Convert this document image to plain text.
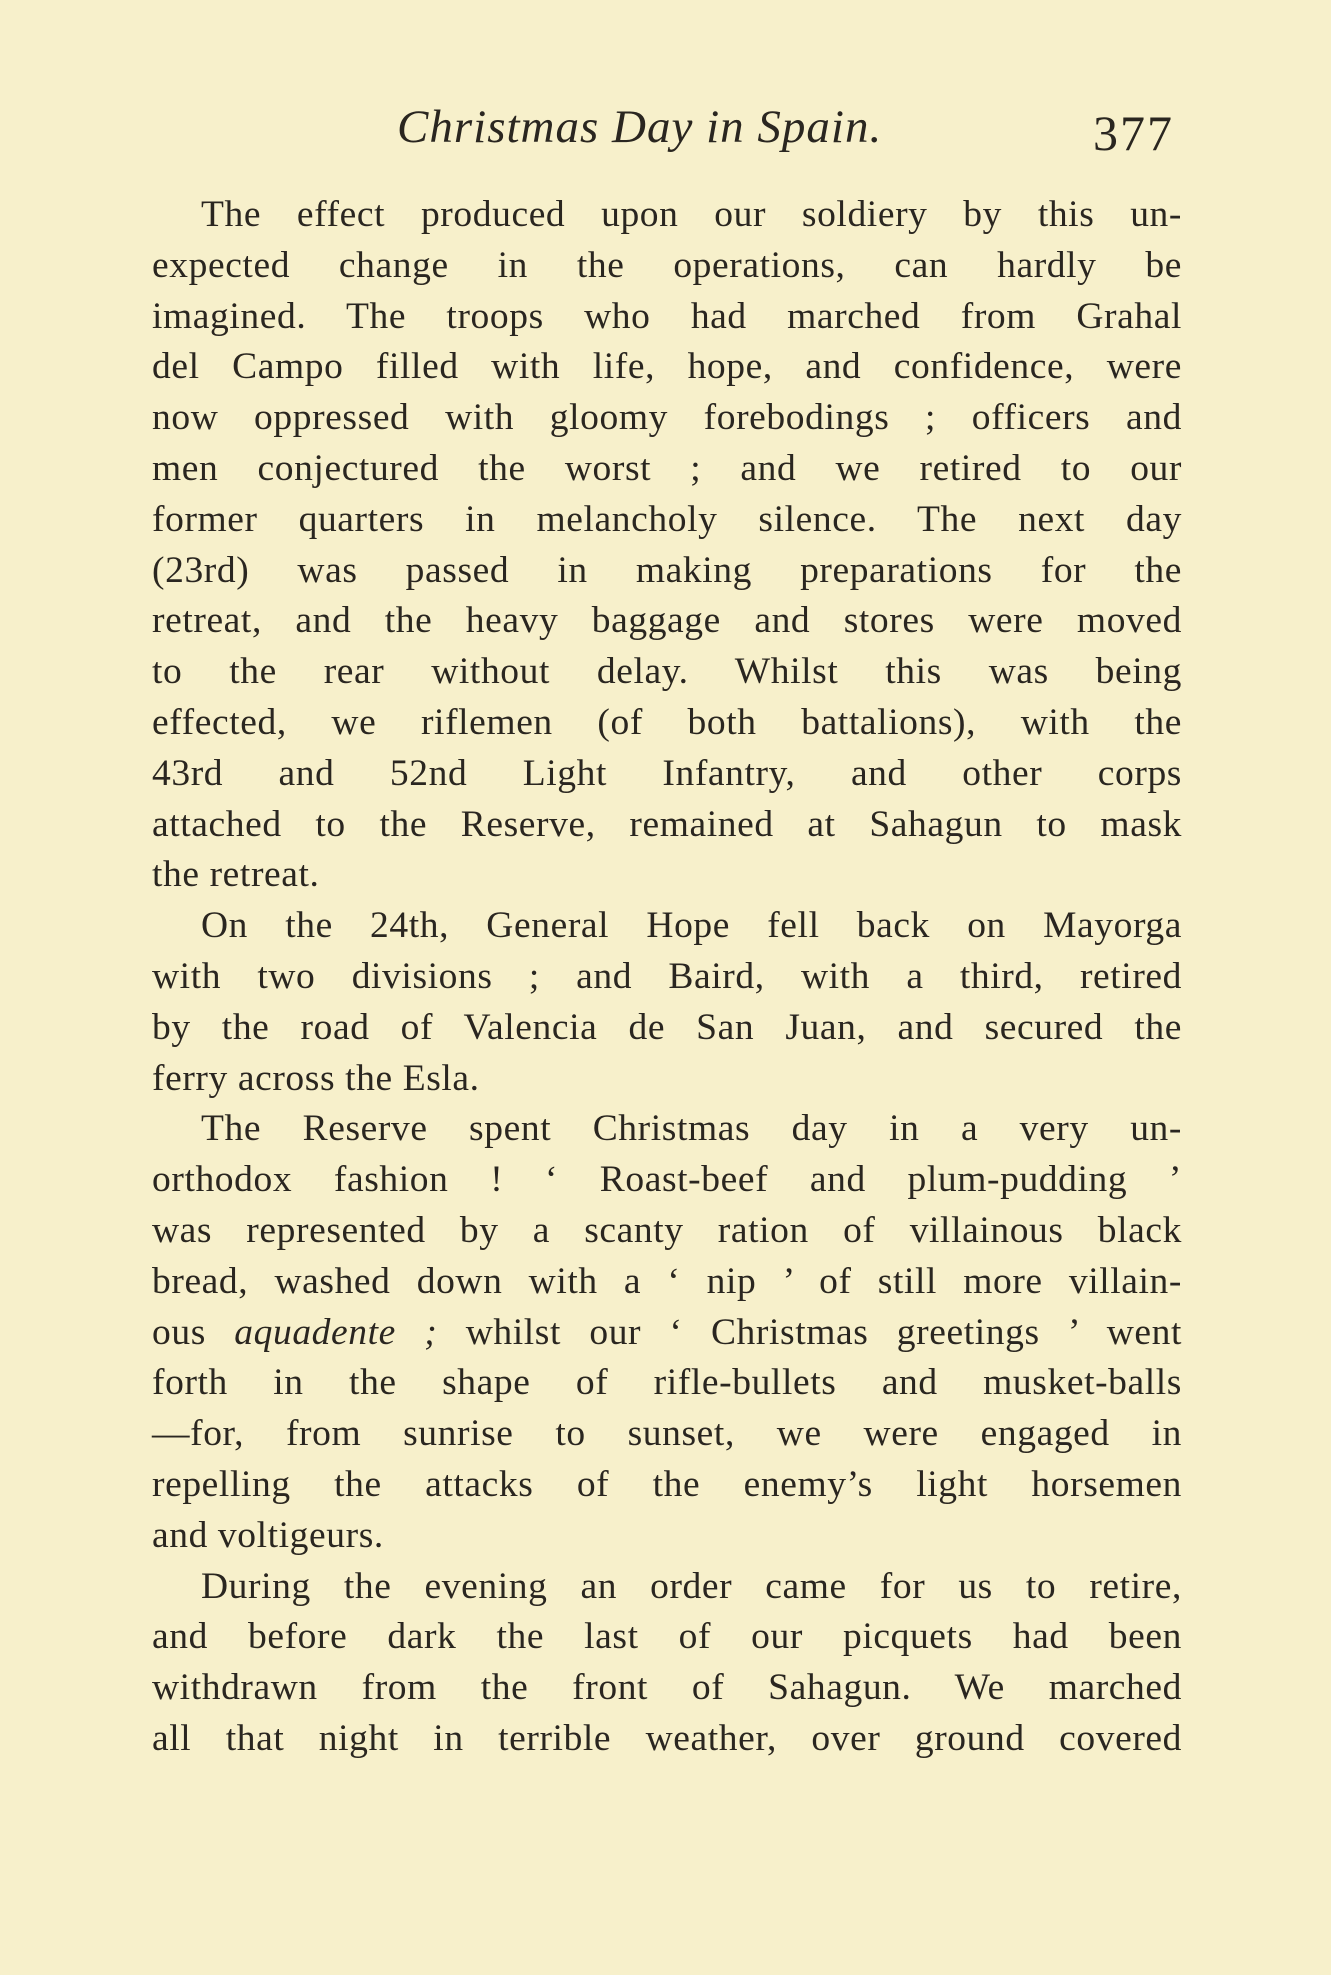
Christmas Day in Spain.	377
The effect produced upon our soldiery by this un-
expected change in the operations, can hardly be
imagined. The troops who had marched from Grahal
del Campo filled with life, hope, and confidence, were
now oppressed with gloomy forebodings ; officers and
men conjectured the worst ; and we retired to our
former quarters in melancholy silence. The next day
(23rd) was passed in making preparations for the
retreat, and the heavy baggage and stores were moved
to the rear without delay. Whilst this was being
effected, we riflemen (of both battalions), with the
43rd and 52nd Light Infantry, and other corps
attached to the Reserve, remained at Sahagun to mask
the retreat.
On the 24th, General Hope fell back on Mayorga
with two divisions ; and Baird, with a third, retired
by the road of Valencia de San Juan, and secured the
ferry across the Esla.
The Reserve spent Christmas day in a very un-
orthodox fashion ! ‘ Roast-beef and plum-pudding ’
was represented by a scanty ration of villainous black
bread, washed down with a ‘ nip ’ of still more villain-
ous aquadente ; whilst our ‘ Christmas greetings ’ went
forth in the shape of rifle-bullets and musket-balls
—for, from sunrise to sunset, we were engaged in
repelling the attacks of the enemy’s light horsemen
and voltigeurs.
During the evening an order came for us to retire,
and before dark the last of our picquets had been
withdrawn from the front of Sahagun. We marched
all that night in terrible weather, over ground covered
